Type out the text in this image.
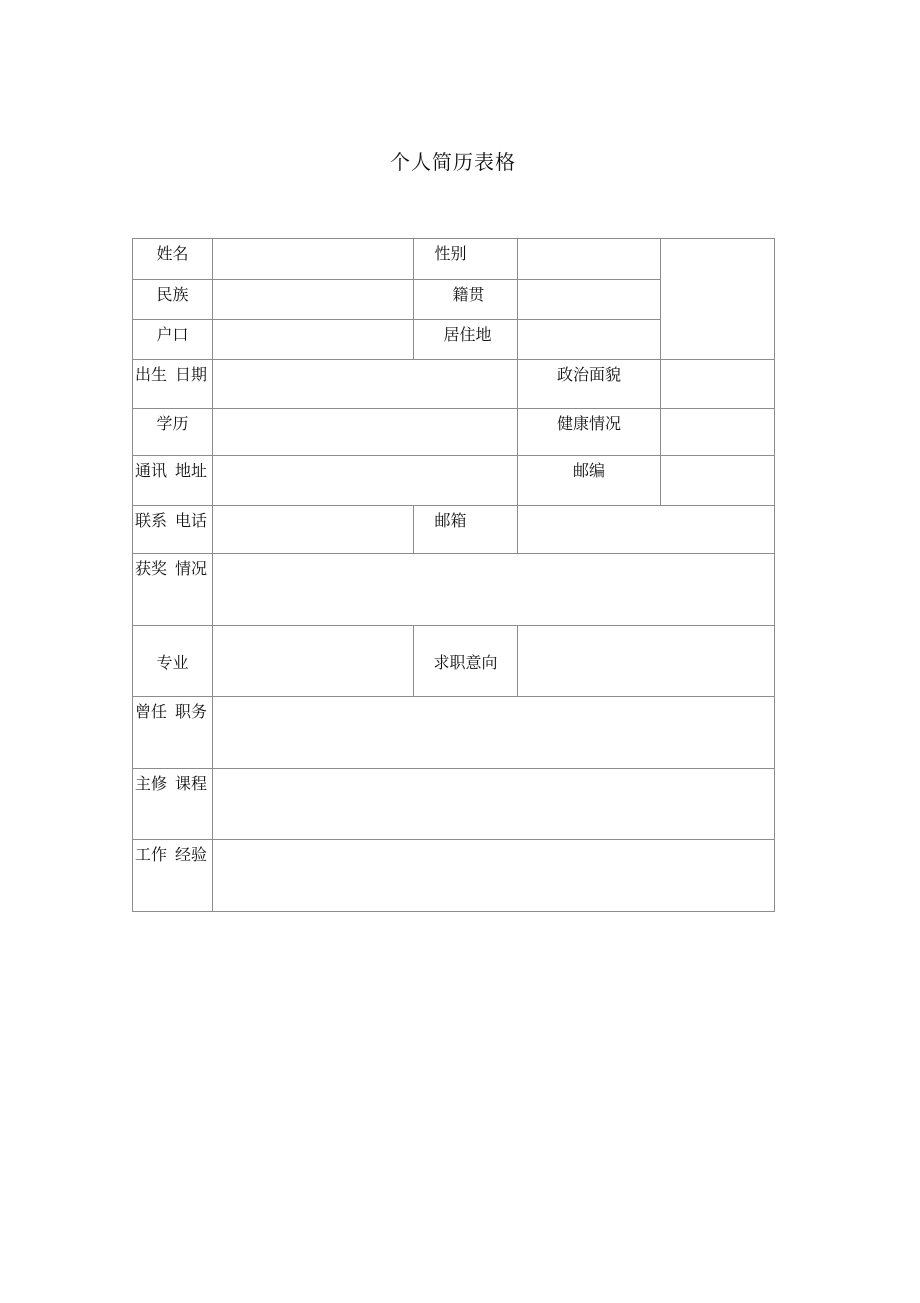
个人简历表格
姓名		性别		
民族		籍贯		
户口		居住地		
出生 日期			政治面貌	
学历			健康情况	
通讯 地址			邮编	
联系 电话		邮箱		
获奖 情况				
专业		求职意向		
曾任 职务				
主修 课程				
工作 经验				
